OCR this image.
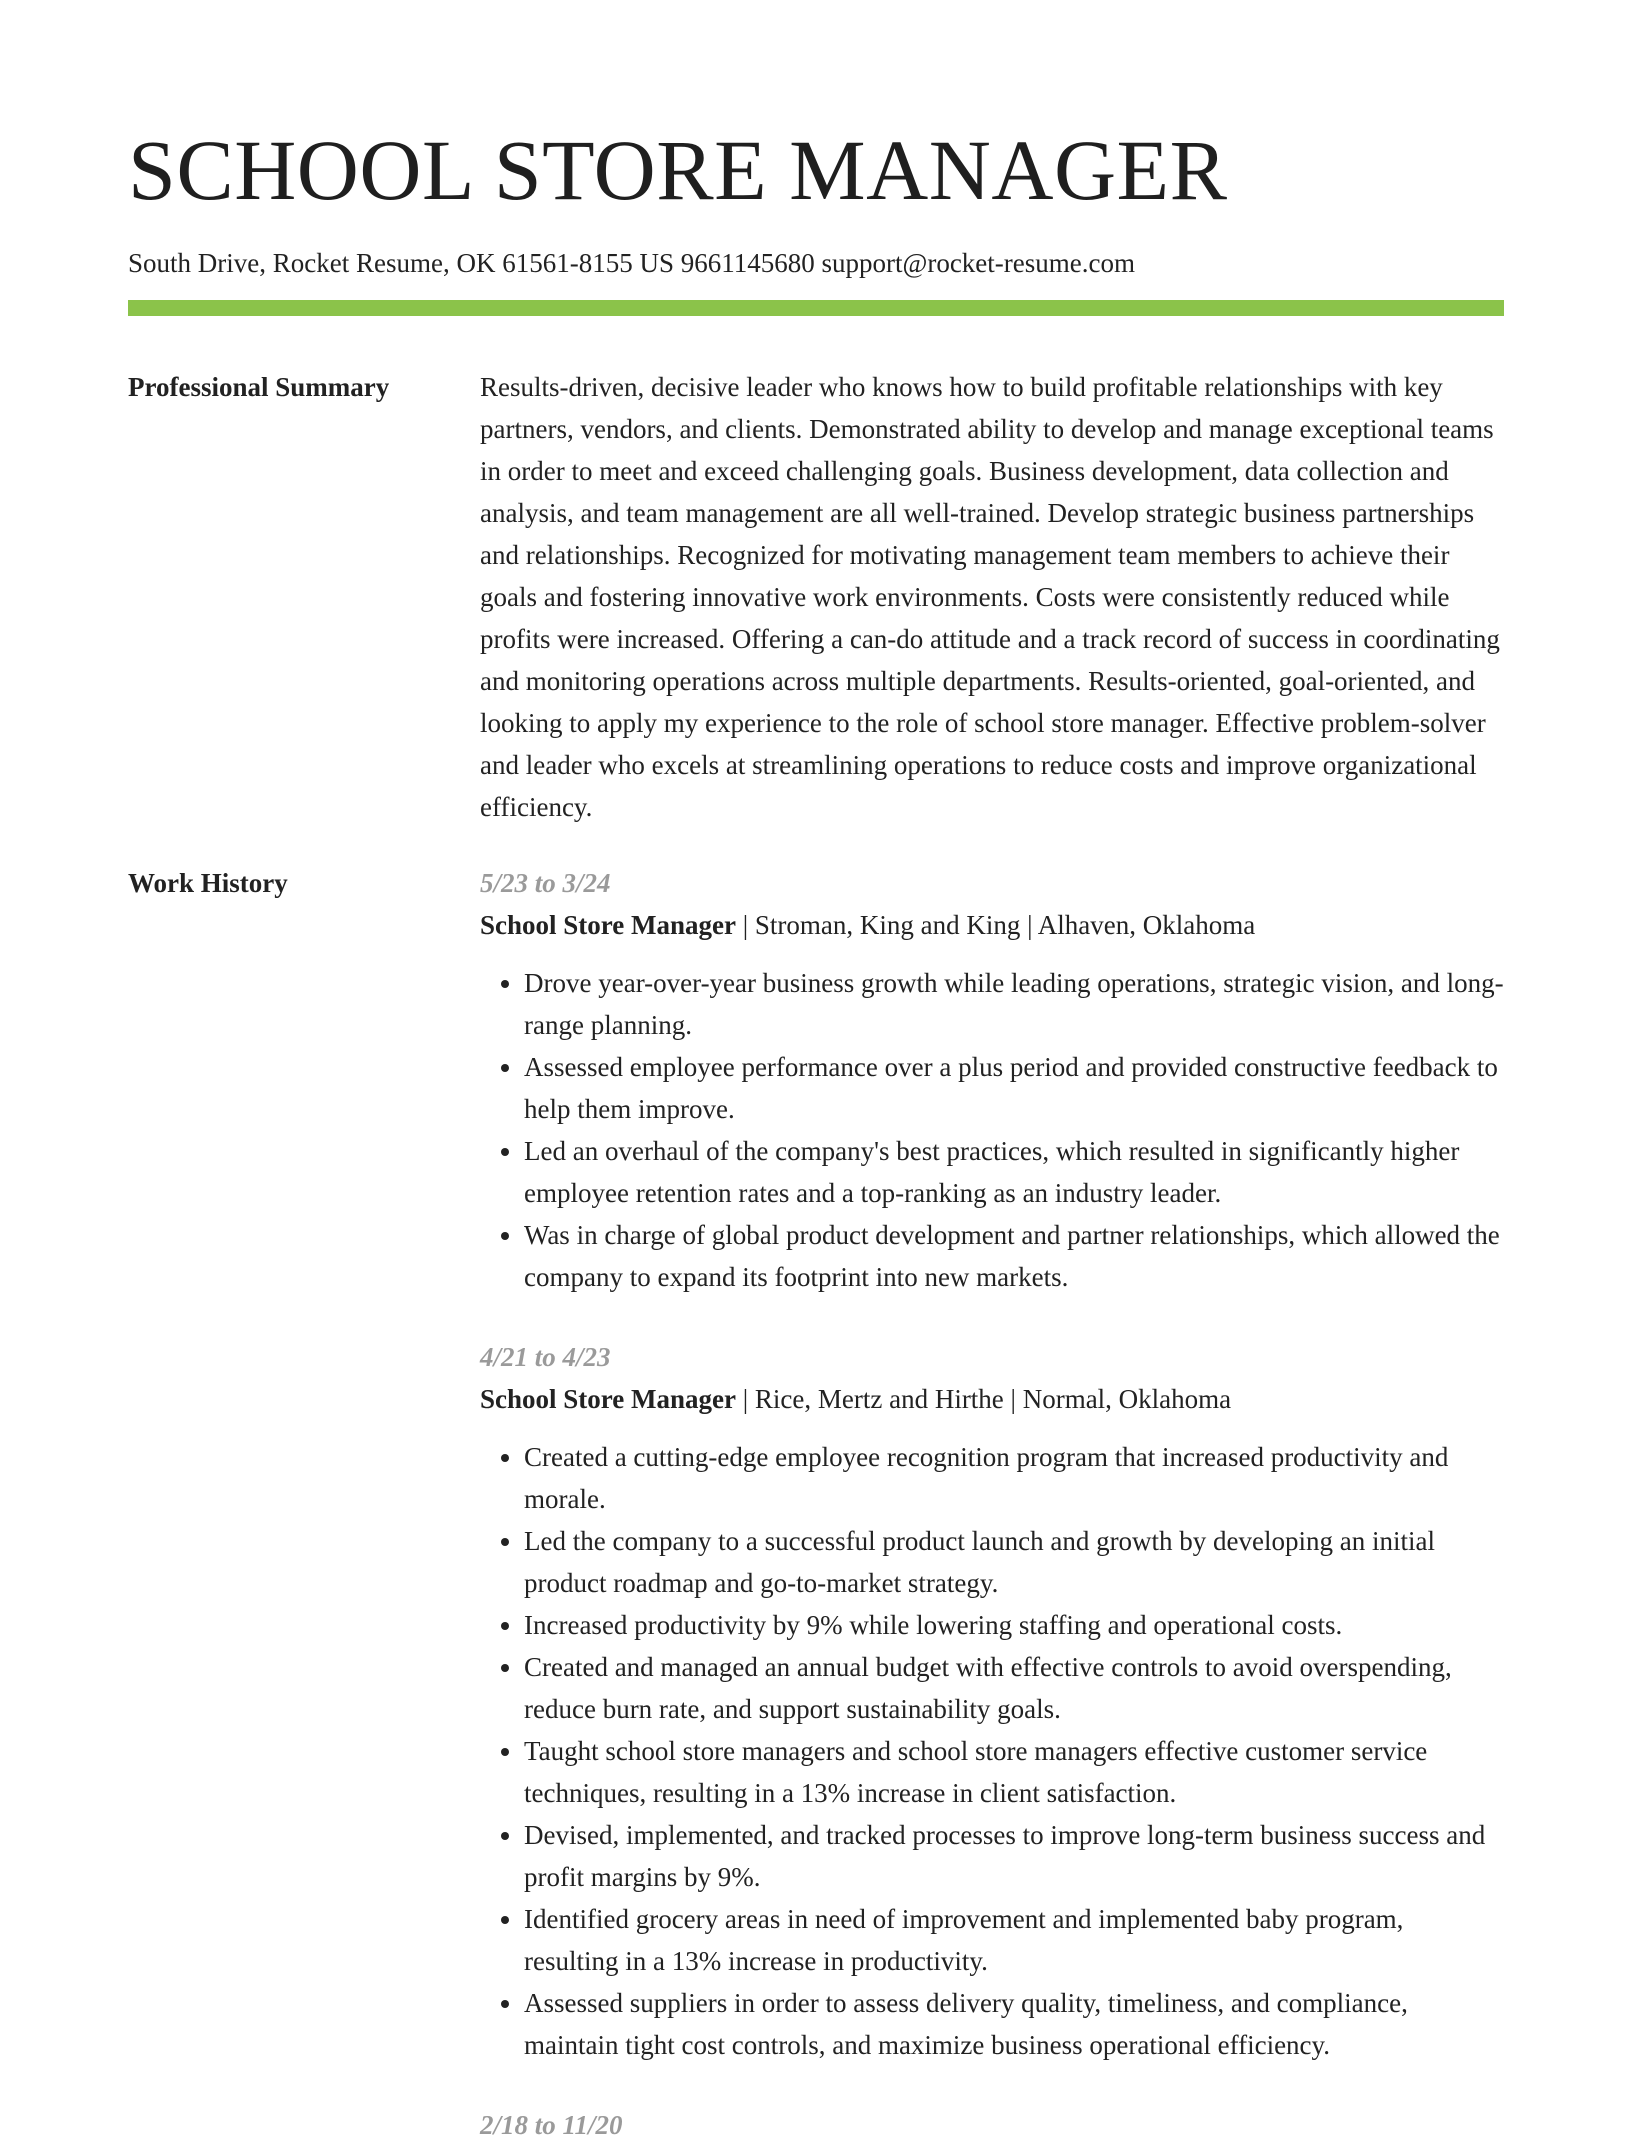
SCHOOL STORE MANAGER
South Drive, Rocket Resume, OK 61561-8155 US 9661145680 support@rocket-resume.com
Professional Summary	Results-driven, decisive leader who knows how to build profitable relationships with key partners, vendors, and clients. Demonstrated ability to develop and manage exceptional teams in order to meet and exceed challenging goals. Business development, data collection and analysis, and team management are all well-trained. Develop strategic business partnerships and relationships. Recognized for motivating management team members to achieve their goals and fostering innovative work environments. Costs were consistently reduced while profits were increased. Offering a can-do attitude and a track record of success in coordinating and monitoring operations across multiple departments. Results-oriented, goal-oriented, and looking to apply my experience to the role of school store manager. Effective problem-solver and leader who excels at streamlining operations to reduce costs and improve organizational efficiency.
Work History	5/23 to 3/24
School Store Manager | Stroman, King and King | Alhaven, Oklahoma
• Drove year-over-year business growth while leading operations, strategic vision, and long-range planning.
• Assessed employee performance over a plus period and provided constructive feedback to help them improve.
• Led an overhaul of the company's best practices, which resulted in significantly higher employee retention rates and a top-ranking as an industry leader.
• Was in charge of global product development and partner relationships, which allowed the company to expand its footprint into new markets.
4/21 to 4/23
School Store Manager | Rice, Mertz and Hirthe | Normal, Oklahoma
• Created a cutting-edge employee recognition program that increased productivity and morale.
• Led the company to a successful product launch and growth by developing an initial product roadmap and go-to-market strategy.
• Increased productivity by 9% while lowering staffing and operational costs.
• Created and managed an annual budget with effective controls to avoid overspending, reduce burn rate, and support sustainability goals.
• Taught school store managers and school store managers effective customer service techniques, resulting in a 13% increase in client satisfaction.
• Devised, implemented, and tracked processes to improve long-term business success and profit margins by 9%.
• Identified grocery areas in need of improvement and implemented baby program, resulting in a 13% increase in productivity.
• Assessed suppliers in order to assess delivery quality, timeliness, and compliance, maintain tight cost controls, and maximize business operational efficiency.
2/18 to 11/20
